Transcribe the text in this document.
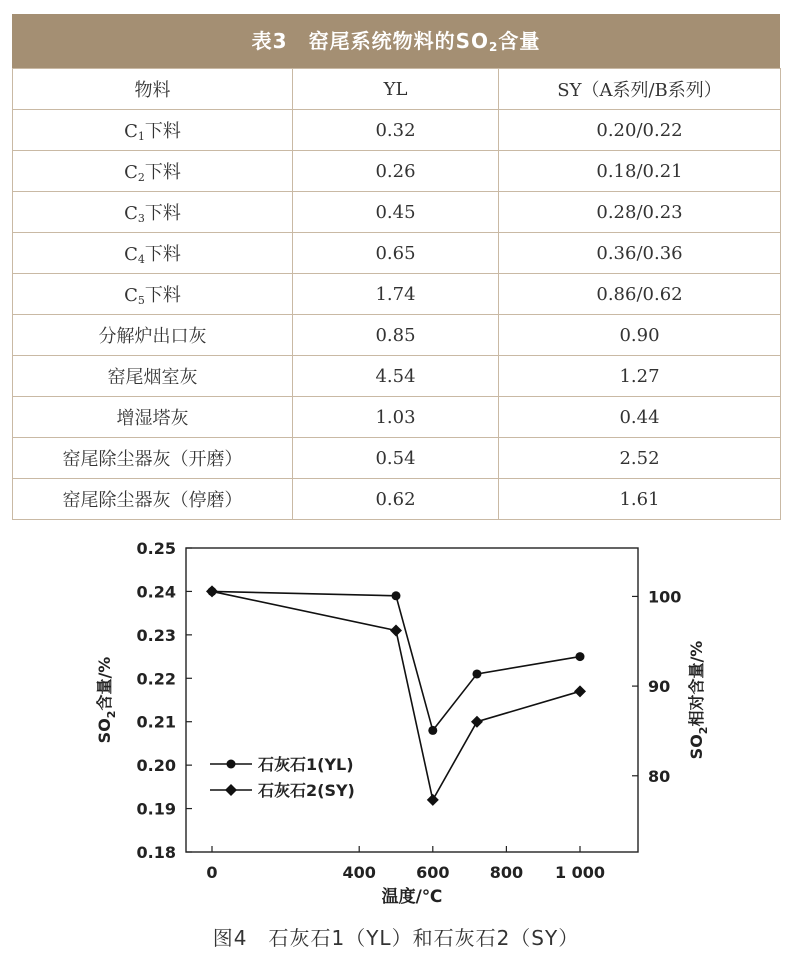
表3 窑尾系统物料的$SO_2$含量
物料	YL	SY（A系列/B系列）
$C_1$下料	0.32	0.20/0.22
$C_2$下料	0.26	0.18/0.21
$C_3$下料	0.45	0.28/0.23
$C_4$下料	0.65	0.36/0.36
$C_5$下料	1.74	0.86/0.62
分解炉出口灰	0.85	0.90
窑尾烟室灰	4.54	1.27
增湿塔灰	1.03	0.44
窑尾除尘器灰（开磨）	0.54	2.52
窑尾除尘器灰（停磨）	0.62	1.61
0	400	600	800 1 000
0.18
0.19
0.20
0.21
0.22
0.23
0.24
0.25
80
90
100
温度/℃
$SO_2$含量/%
$SO_2$相对含量/%
石灰石1(YL)
石灰石2(SY)
图4 石灰石1（YL）和石灰石2（SY）
